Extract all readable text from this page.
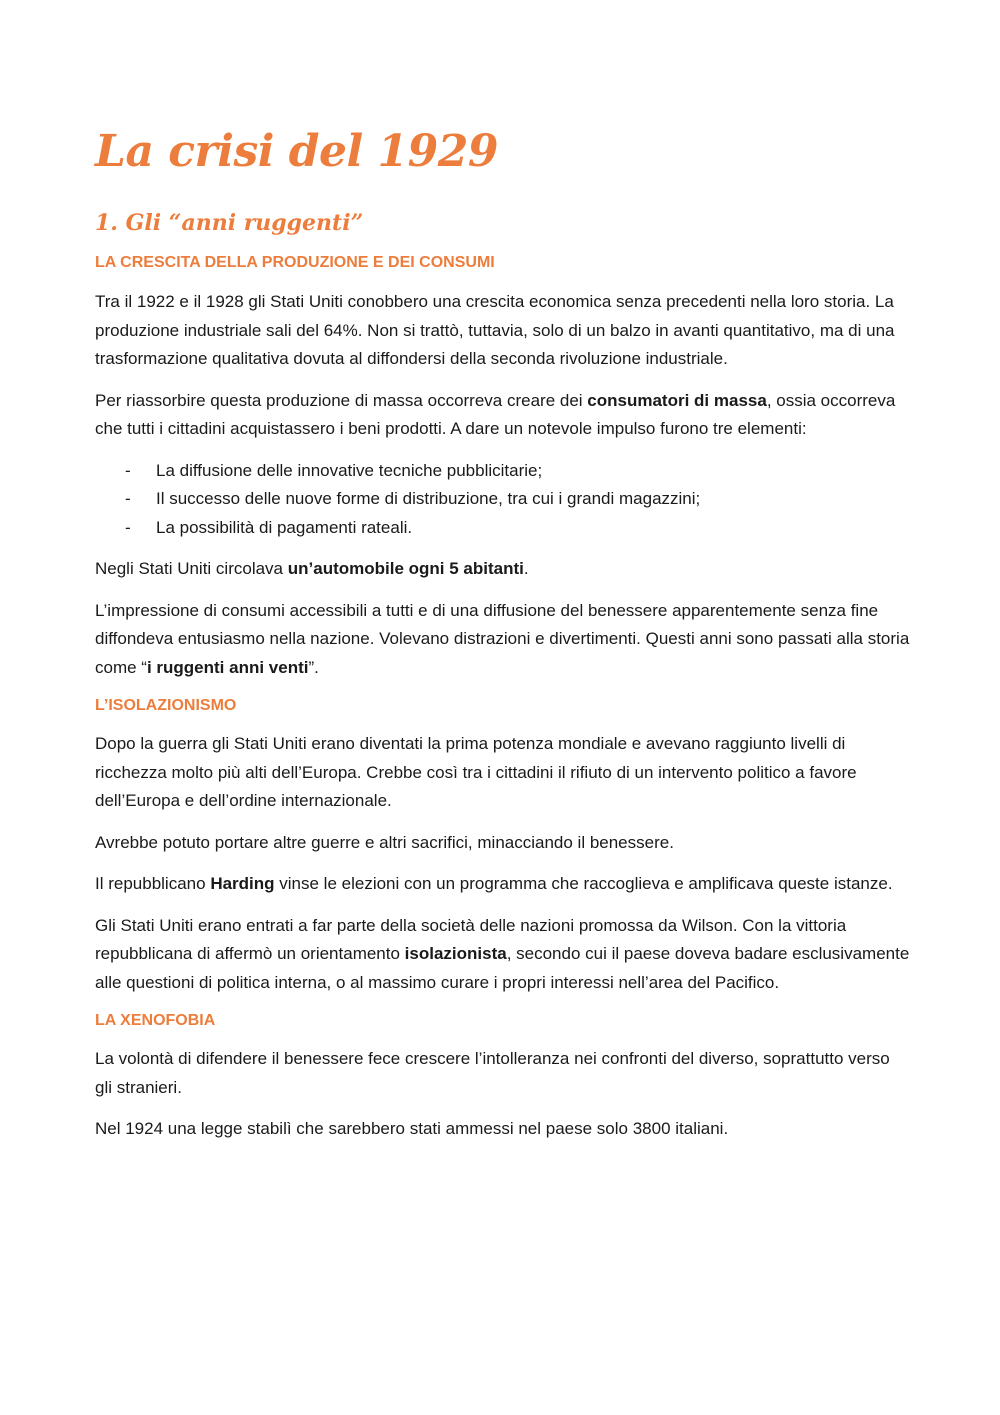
La crisi del 1929
1. Gli “anni ruggenti”
LA CRESCITA DELLA PRODUZIONE E DEI CONSUMI

Tra il 1922 e il 1928 gli Stati Uniti conobbero una crescita economica senza precedenti nella loro storia. La produzione industriale sali del 64%. Non si trattò, tuttavia, solo di un balzo in avanti quantitativo, ma di una trasformazione qualitativa dovuta al diffondersi della seconda rivoluzione industriale.

Per riassorbire questa produzione di massa occorreva creare dei consumatori di massa, ossia occorreva che tutti i cittadini acquistassero i beni prodotti. A dare un notevole impulso furono tre elementi:

- La diffusione delle innovative tecniche pubblicitarie;
- Il successo delle nuove forme di distribuzione, tra cui i grandi magazzini;
- La possibilità di pagamenti rateali.

Negli Stati Uniti circolava un’automobile ogni 5 abitanti.

L’impressione di consumi accessibili a tutti e di una diffusione del benessere apparentemente senza fine diffondeva entusiasmo nella nazione. Volevano distrazioni e divertimenti. Questi anni sono passati alla storia come “i ruggenti anni venti”.

L’ISOLAZIONISMO

Dopo la guerra gli Stati Uniti erano diventati la prima potenza mondiale e avevano raggiunto livelli di ricchezza molto più alti dell’Europa. Crebbe così tra i cittadini il rifiuto di un intervento politico a favore dell’Europa e dell’ordine internazionale.

Avrebbe potuto portare altre guerre e altri sacrifici, minacciando il benessere.

Il repubblicano Harding vinse le elezioni con un programma che raccoglieva e amplificava queste istanze.

Gli Stati Uniti erano entrati a far parte della società delle nazioni promossa da Wilson. Con la vittoria repubblicana di affermò un orientamento isolazionista, secondo cui il paese doveva badare esclusivamente alle questioni di politica interna, o al massimo curare i propri interessi nell’area del Pacifico.

LA XENOFOBIA

La volontà di difendere il benessere fece crescere l’intolleranza nei confronti del diverso, soprattutto verso gli stranieri.

Nel 1924 una legge stabilì che sarebbero stati ammessi nel paese solo 3800 italiani.
